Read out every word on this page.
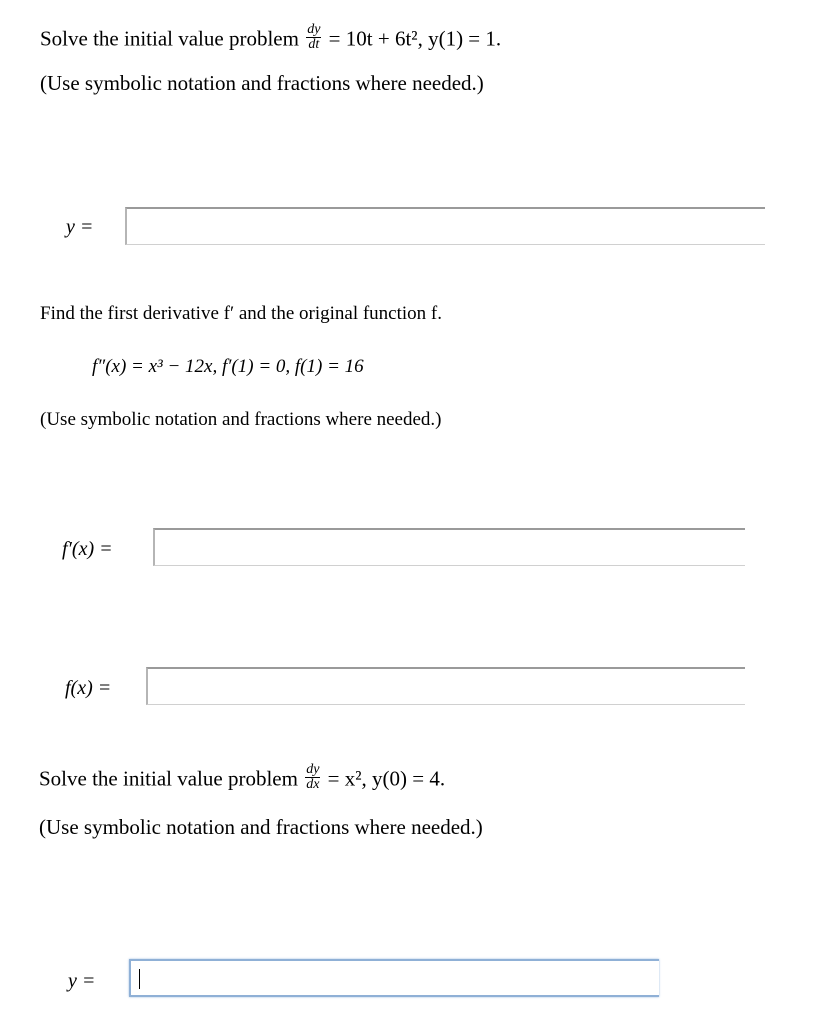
Solve the initial value problem $\frac{dy}{dt} = 10t + 6t^2$, y(1) = 1.
(Use symbolic notation and fractions where needed.)
y =
Find the first derivative f′ and the original function f.
f″(x) = x³ − 12x, f′(1) = 0, f(1) = 16
(Use symbolic notation and fractions where needed.)
f′(x) =
f(x) =
Solve the initial value problem $\frac{dy}{dx} = x^2$, y(0) = 4.
(Use symbolic notation and fractions where needed.)
y =
